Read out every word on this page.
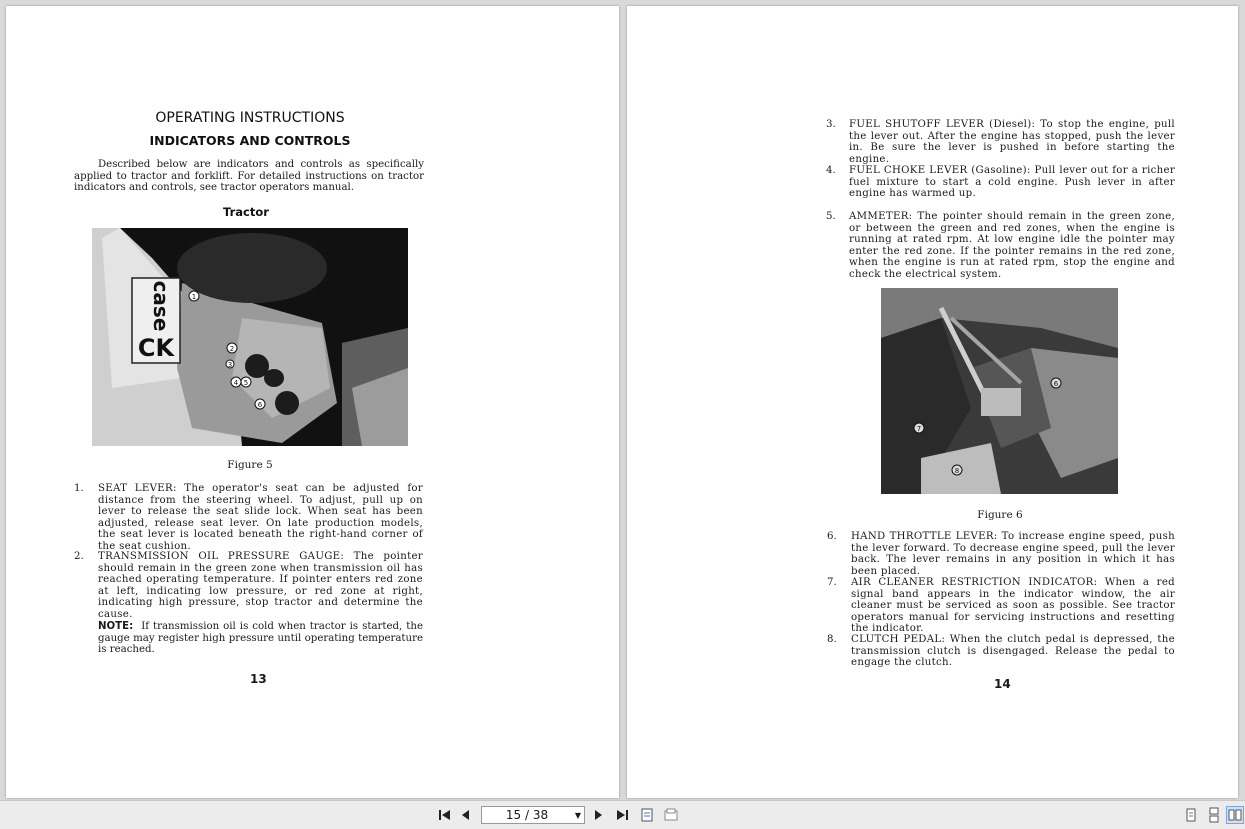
OPERATING INSTRUCTIONS
INDICATORS AND CONTROLS
Described below are indicators and controls as specifically applied to tractor and forklift. For detailed instructions on tractor indicators and controls, see tractor operators manual.
Tractor
case
CK
1
2
3
4 5
6
Figure 5
1. SEAT LEVER: The operator's seat can be adjusted for distance from the steering wheel. To adjust, pull up on lever to release the seat slide lock. When seat has been adjusted, release seat lever. On late production models, the seat lever is located beneath the right-hand corner of the seat cushion.
2. TRANSMISSION OIL PRESSURE GAUGE: The pointer should remain in the green zone when transmission oil has reached operating temperature. If pointer enters red zone at left, indicating low pressure, or red zone at right, indicating high pressure, stop tractor and determine the cause.
NOTE: If transmission oil is cold when tractor is started, the gauge may register high pressure until operating temperature is reached.
13
3. FUEL SHUTOFF LEVER (Diesel): To stop the engine, pull the lever out. After the engine has stopped, push the lever in. Be sure the lever is pushed in before starting the engine.
4. FUEL CHOKE LEVER (Gasoline): Pull lever out for a richer fuel mixture to start a cold engine. Push lever in after engine has warmed up.
5. AMMETER: The pointer should remain in the green zone, or between the green and red zones, when the engine is running at rated rpm. At low engine idle the pointer may enter the red zone. If the pointer remains in the red zone, when the engine is run at rated rpm, stop the engine and check the electrical system.
6
7
8
Figure 6
6. HAND THROTTLE LEVER: To increase engine speed, push the lever forward. To decrease engine speed, pull the lever back. The lever remains in any position in which it has been placed.
7. AIR CLEANER RESTRICTION INDICATOR: When a red signal band appears in the indicator window, the air cleaner must be serviced as soon as possible. See tractor operators manual for servicing instructions and resetting the indicator.
8. CLUTCH PEDAL: When the clutch pedal is depressed, the transmission clutch is disengaged. Release the pedal to engage the clutch.
14
15 / 38	▼
